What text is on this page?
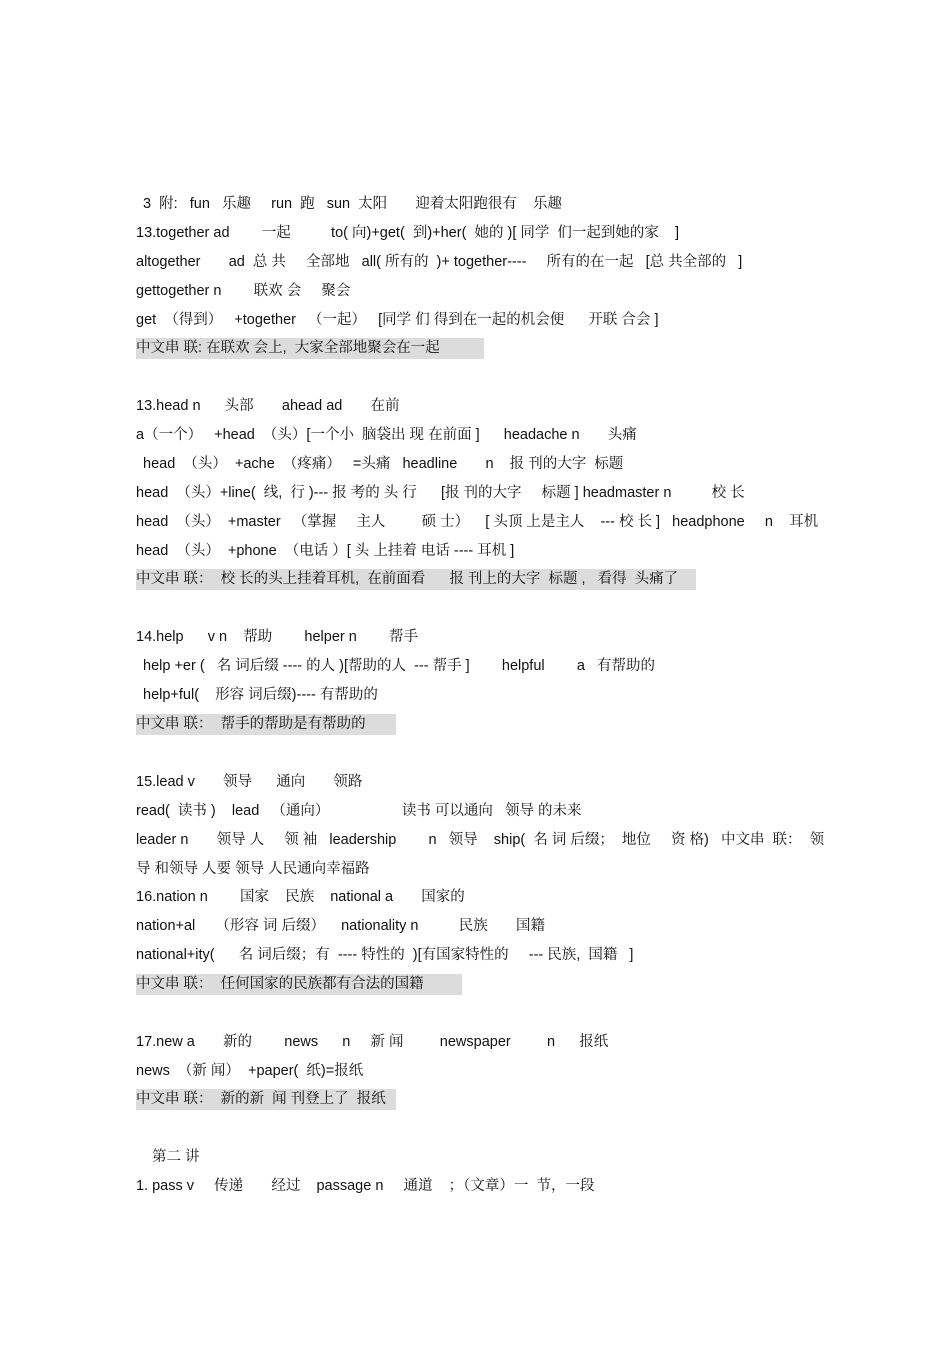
3  附:   fun   乐趣     run  跑   sun  太阳       迎着太阳跑很有    乐趣
13.together ad        一起          to( 向)+get(  到)+her(  她的 )[ 同学  们一起到她的家    ]
altogether       ad  总 共     全部地   all( 所有的  )+ together----     所有的在一起   [总 共全部的   ]
gettogether n        联欢 会     聚会
get  （得到）   +together   （一起）   [同学 们 得到在一起的机会便      开联 合会 ]
中文串 联: 在联欢 会上,  大家全部地聚会在一起
13.head n      头部       ahead ad       在前
a（一个）   +head  （头）[一个小  脑袋出 现 在前面 ]      headache n       头痛
head  （头）  +ache  （疼痛）   =头痛   headline       n    报 刊的大字  标题
head  （头）+line(  线,  行 )--- 报 考的 头 行      [报 刊的大字     标题 ] headmaster n          校 长
head  （头）  +master   （掌握     主人         硕 士）    [ 头顶 上是主人    --- 校 长 ]   headphone     n    耳机
head  （头）  +phone  （电话 ）[ 头 上挂着 电话 ---- 耳机 ]
中文串 联：  校 长的头上挂着耳机,  在前面看      报 刊上的大字  标题 ,   看得  头痛了
14.help      v n    帮助        helper n        帮手
help +er (   名 词后缀 ---- 的人 )[帮助的人  --- 帮手 ]        helpful        a   有帮助的
help+ful(    形容 词后缀)---- 有帮助的
中文串 联：  帮手的帮助是有帮助的
15.lead v       领导      通向       领路
read(  读书 )    lead   （通向）                  读书 可以通向   领导 的未来
leader n       领导 人     领 袖   leadership        n   领导    ship(  名 词 后缀；  地位     资 格)   中文串  联：  领导 和领导 人要 领导 人民通向幸福路
16.nation n        国家    民族    national a       国家的
nation+al     （形容 词 后缀）    nationality n          民族       国籍
national+ity(      名 词后缀；有  ---- 特性的  )[有国家特性的     --- 民族,  国籍   ]
中文串 联：  任何国家的民族都有合法的国籍
17.new a       新的        news      n     新 闻         newspaper         n      报纸
news  （新 闻）  +paper(  纸)=报纸
中文串 联：  新的新  闻 刊登上了  报纸
第二 讲
1. pass v     传递       经过    passage n     通道    ；（文章）一  节，一段
